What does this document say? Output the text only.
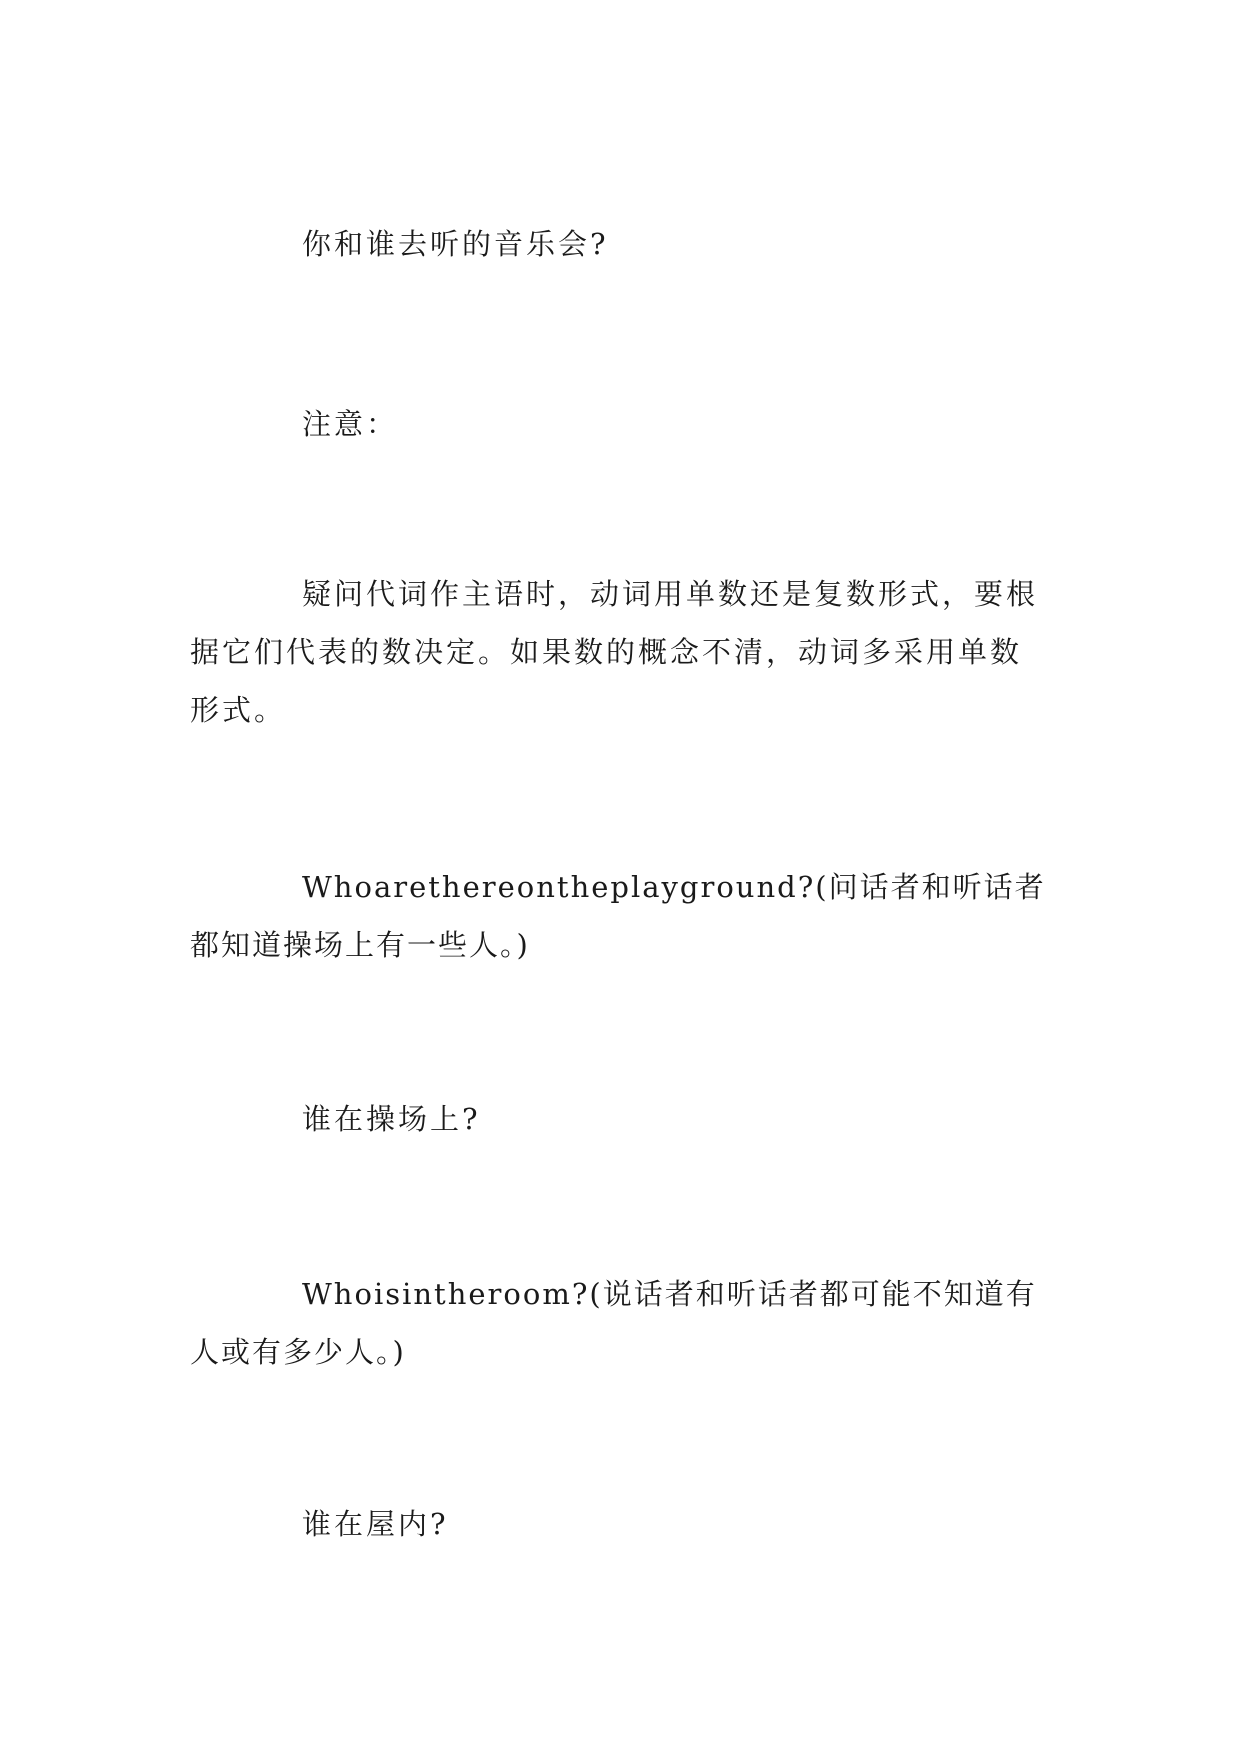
你和谁去听的音乐会?

注意：

疑问代词作主语时，动词用单数还是复数形式，要根据它们代表的数决定。如果数的概念不清，动词多采用单数形式。

Whoarethereontheplayground?(问话者和听话者都知道操场上有一些人。)

谁在操场上?

Whoisintheroom?(说话者和听话者都可能不知道有人或有多少人。)

谁在屋内?
